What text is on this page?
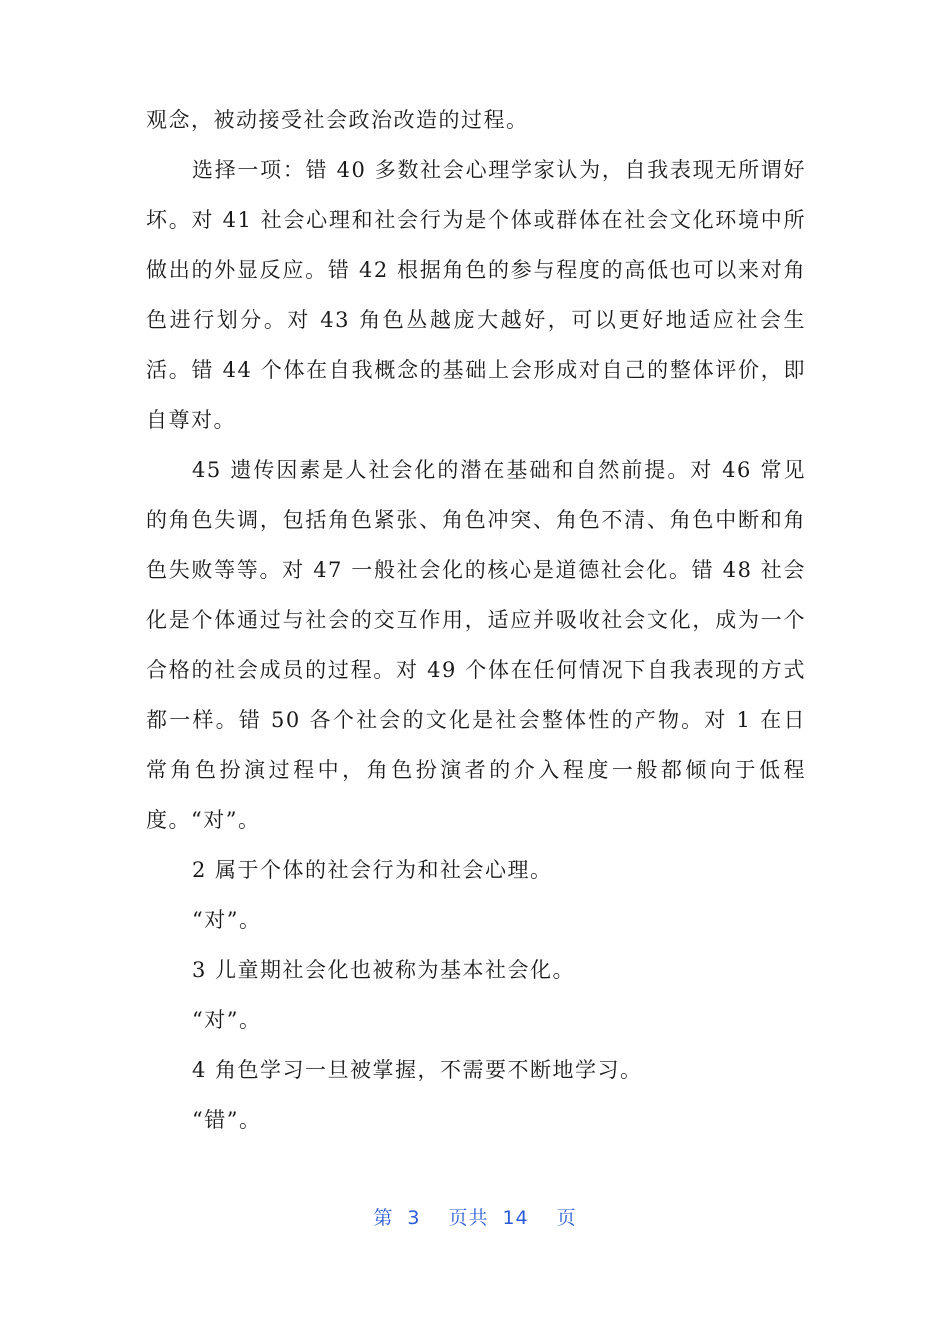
观念，被动接受社会政治改造的过程。

选择一项：错 40 多数社会心理学家认为，自我表现无所谓好坏。对 41 社会心理和社会行为是个体或群体在社会文化环境中所做出的外显反应。错 42 根据角色的参与程度的高低也可以来对角色进行划分。对 43 角色丛越庞大越好，可以更好地适应社会生活。错 44 个体在自我概念的基础上会形成对自己的整体评价，即自尊对。

45 遗传因素是人社会化的潜在基础和自然前提。对 46 常见的角色失调，包括角色紧张、角色冲突、角色不清、角色中断和角色失败等等。对 47 一般社会化的核心是道德社会化。错 48 社会化是个体通过与社会的交互作用，适应并吸收社会文化，成为一个合格的社会成员的过程。对 49 个体在任何情况下自我表现的方式都一样。错 50 各个社会的文化是社会整体性的产物。对 1 在日常角色扮演过程中，角色扮演者的介入程度一般都倾向于低程度。“对”。

2 属于个体的社会行为和社会心理。

“对”。

3 儿童期社会化也被称为基本社会化。

“对”。

4 角色学习一旦被掌握，不需要不断地学习。

“错”。

第 3 页共 14 页
